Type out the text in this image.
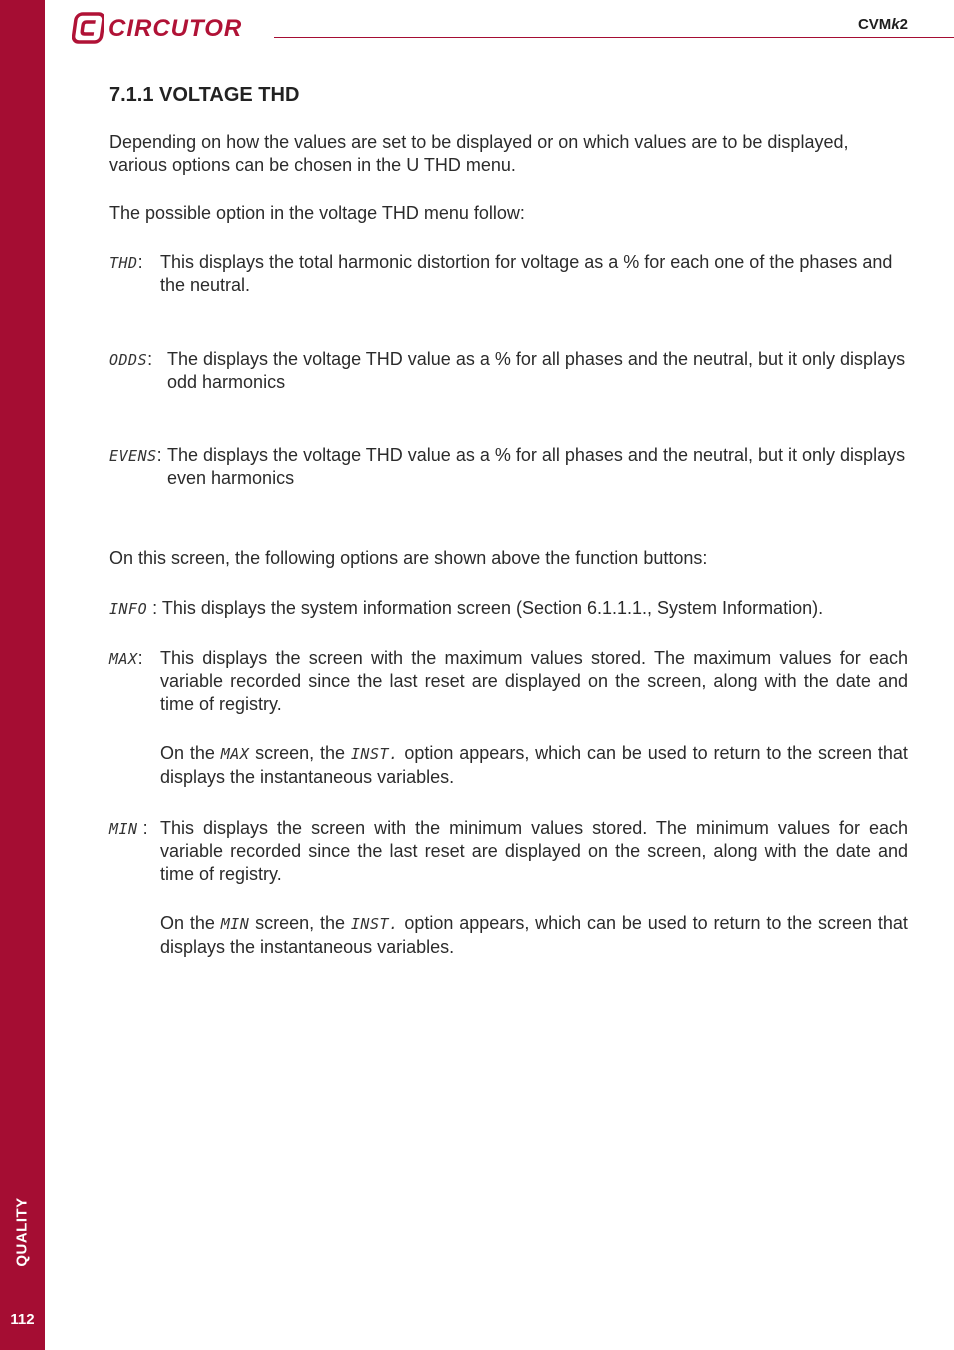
QUALITY
112
CIRCUTOR	CVMk2
7.1.1 VOLTAGE THD

Depending on how the values are set to be displayed or on which values are to be displayed, various options can be chosen in the U THD menu.

The possible option in the voltage THD menu follow:

THD: This displays the total harmonic distortion for voltage as a % for each one of the phases and the neutral.

ODDS: The displays the voltage THD value as a % for all phases and the neutral, but it only displays odd harmonics

EVENS: The displays the voltage THD value as a % for all phases and the neutral, but it only displays even harmonics

On this screen, the following options are shown above the function buttons:

INFO : This displays the system information screen (Section 6.1.1.1., System Information).

MAX: This displays the screen with the maximum values stored. The maximum values for each variable recorded since the last reset are displayed on the screen, along with the date and time of registry.

On the MAX screen, the INST. option appears, which can be used to return to the screen that displays the instantaneous variables.

MIN : This displays the screen with the minimum values stored. The minimum values for each variable recorded since the last reset are displayed on the screen, along with the date and time of registry.

On the MIN screen, the INST. option appears, which can be used to return to the screen that displays the instantaneous variables.
